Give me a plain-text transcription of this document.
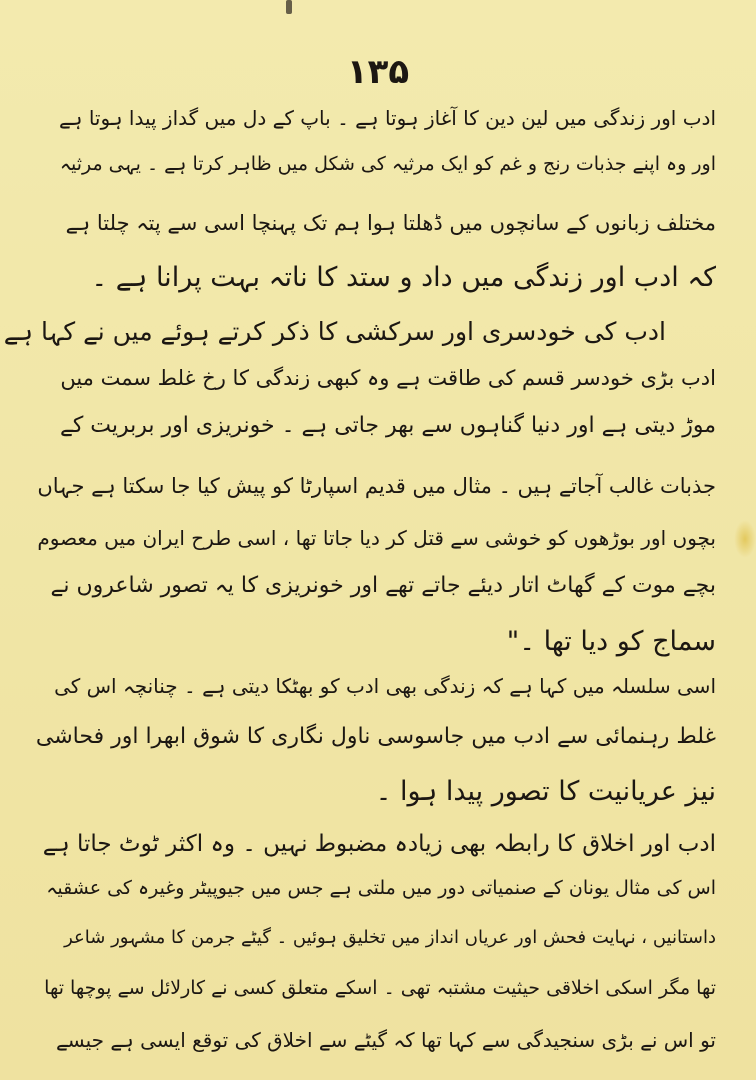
۱۳۵
ادب اور زندگی میں لین دین کا آغاز ہوتا ہے ۔ باپ کے دل میں گداز پیدا ہوتا ہے
اور وہ اپنے جذبات رنج و غم کو ایک مرثیہ کی شکل میں ظاہر کرتا ہے ۔ یہی مرثیہ
مختلف زبانوں کے سانچوں میں ڈھلتا ہوا ہم تک پہنچا اسی سے پتہ چلتا ہے
کہ ادب اور زندگی میں داد و ستد کا ناتہ بہت پرانا ہے ۔
ادب کی خودسری اور سرکشی کا ذکر کرتے ہوئے میں نے کہا ہے
ادب بڑی خودسر قسم کی طاقت ہے وہ کبھی زندگی کا رخ غلط سمت میں
موڑ دیتی ہے اور دنیا گناہوں سے بھر جاتی ہے ۔ خونریزی اور بربریت کے
جذبات غالب آجاتے ہیں ۔ مثال میں قدیم اسپارٹا کو پیش کیا جا سکتا ہے جہاں
بچوں اور بوڑھوں کو خوشی سے قتل کر دیا جاتا تھا ، اسی طرح ایران میں معصوم
بچے موت کے گھاٹ اتار دیئے جاتے تھے اور خونریزی کا یہ تصور شاعروں نے
سماج کو دیا تھا ۔"
اسی سلسلہ میں کہا ہے کہ زندگی بھی ادب کو بھٹکا دیتی ہے ۔ چنانچہ اس کی
غلط رہنمائی سے ادب میں جاسوسی ناول نگاری کا شوق ابھرا اور فحاشی
نیز عریانیت کا تصور پیدا ہوا ۔
ادب اور اخلاق کا رابطہ بھی زیادہ مضبوط نہیں ۔ وہ اکثر ٹوٹ جاتا ہے
اس کی مثال یونان کے صنمیاتی دور میں ملتی ہے جس میں جیوپیٹر وغیرہ کی عشقیہ
داستانیں ، نہایت فحش اور عریاں انداز میں تخلیق ہوئیں ۔ گیٹے جرمن کا مشہور شاعر
تھا مگر اسکی اخلاقی حیثیت مشتبہ تھی ۔ اسکے متعلق کسی نے کارلائل سے پوچھا تھا
تو اس نے بڑی سنجیدگی سے کہا تھا کہ گیٹے سے اخلاق کی توقع ایسی ہے جیسے
